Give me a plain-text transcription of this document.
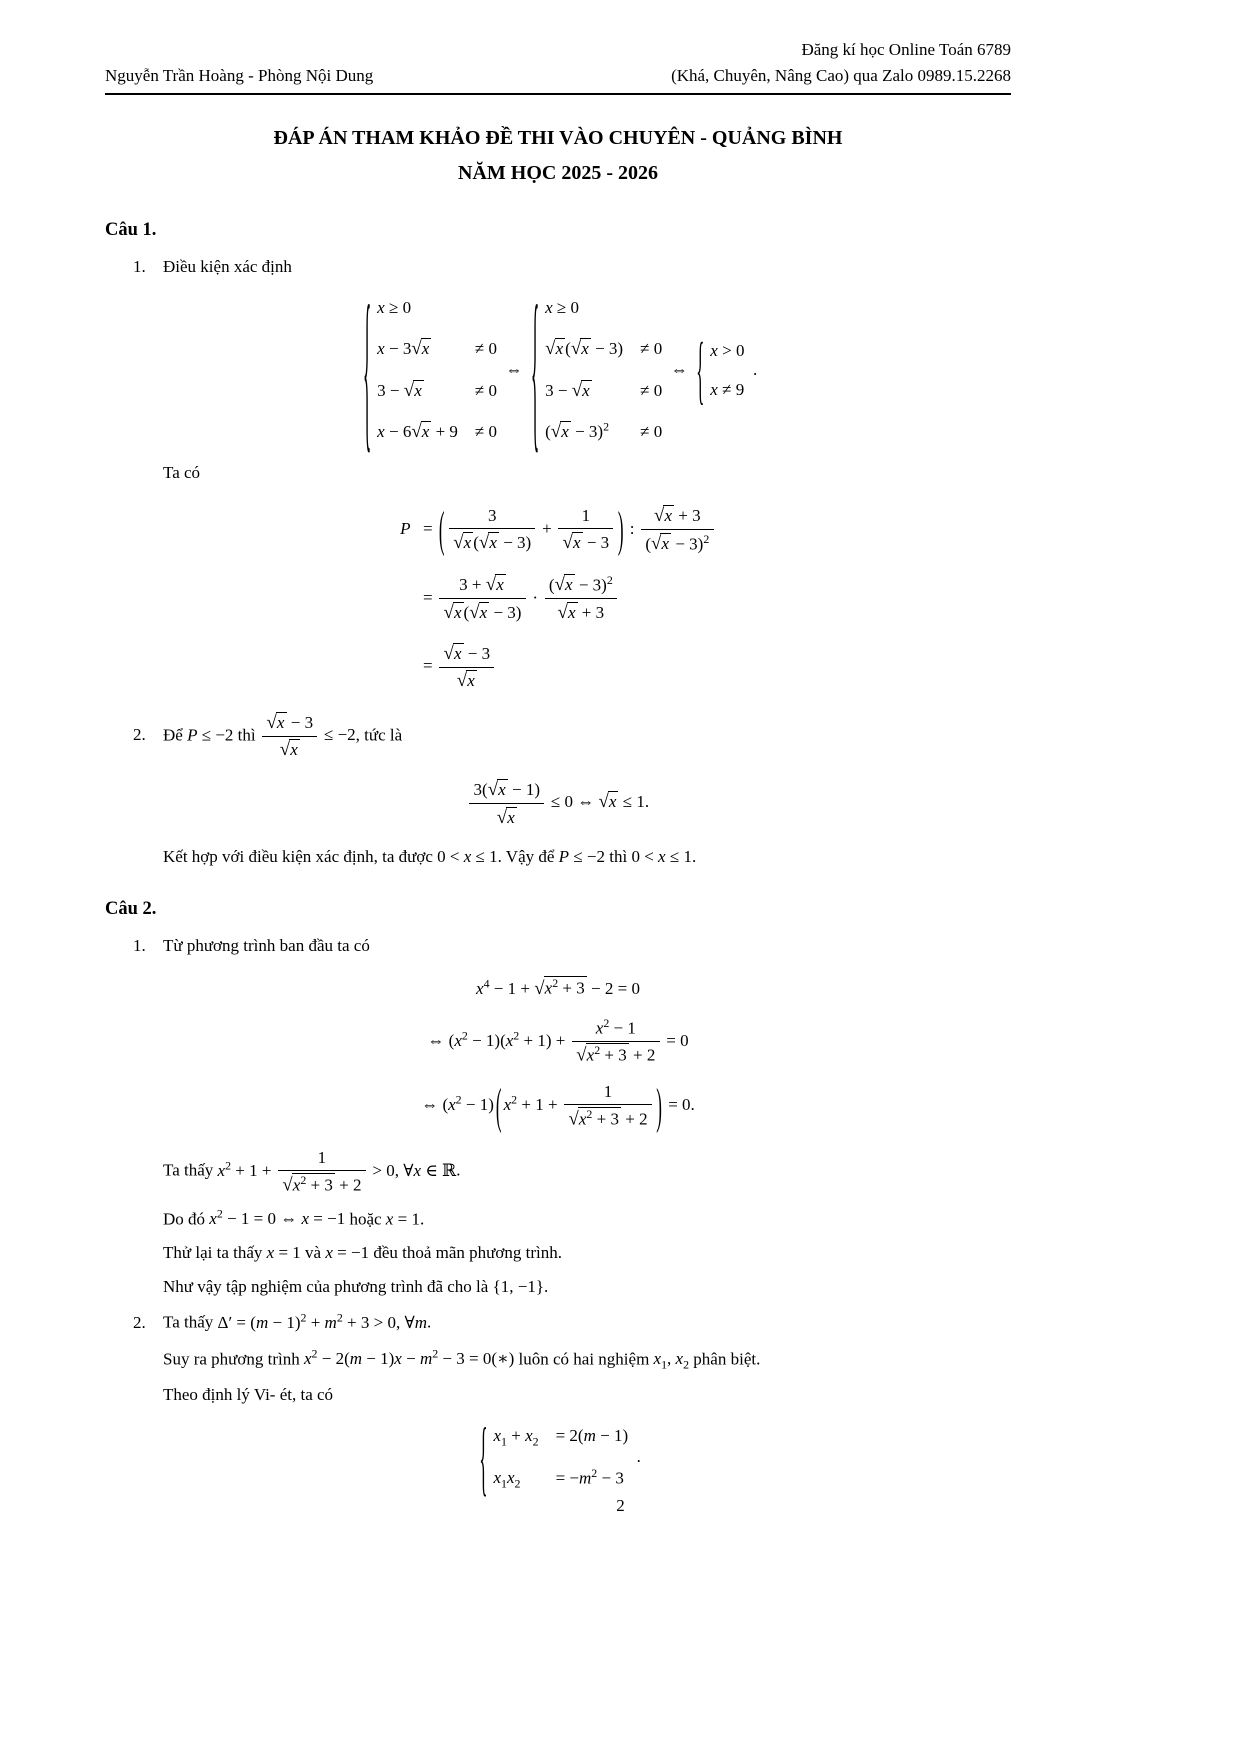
Đăng kí học Online Toán 6789
Nguyễn Trần Hoàng - Phòng Nội Dung	(Khá, Chuyên, Nâng Cao) qua Zalo 0989.15.2268
ĐÁP ÁN THAM KHẢO ĐỀ THI VÀO CHUYÊN - QUẢNG BÌNH
NĂM HỌC 2025 - 2026
Câu 1.
1.	Điều kiện xác định
{ x ≥ 0
x − 3√x	≠ 0
3 − √x	≠ 0
x − 6√x + 9 ≠ 0
⇔ { x ≥ 0
√x (√x − 3) ≠ 0
3 − √x	≠ 0
$(√x - 3)^2 \ne 0$
⇔ { x > 0
x ≠ 9
.
Ta có
P = ( $\frac{3}{√x (√x - 3)} + \frac{1}{√x - 3}$ ) : $\frac{√x + 3}{(√x - 3)^2}$
= $\frac{3 + √x}{√x (√x - 3)} \cdot \frac{(√x - 3)^2}{√x + 3}$
= $\frac{√x - 3}{√x}$
2.	Để P ≤ −2 thì $\frac{√x - 3}{√x} \le -2$, tức là
$\frac{3(√x - 1)}{√x} \le 0$ ⇔ √x ≤ 1.
Kết hợp với điều kiện xác định, ta được 0 < x ≤ 1. Vậy để P ≤ −2 thì 0 < x ≤ 1.
Câu 2.
1.	Từ phương trình ban đầu ta có
$x^4 - 1 + √x^2 + 3 - 2 = 0$
⇔ $(x^2 - 1)(x^2 + 1) + \frac{x^2 - 1}{√x^2 + 3 + 2} = 0$
⇔ $(x^2 - 1)$ ( $x^2 + 1 + \frac{1}{√x^2 + 3 + 2}$ ) = 0.
Ta thấy $x^2 + 1 + \frac{1}{√x^2 + 3 + 2} > 0$, ∀x ∈ ℝ.
Do đó $x^2 - 1 = 0$ ⇔ x = −1 hoặc x = 1.
Thử lại ta thấy x = 1 và x = −1 đều thoả mãn phương trình.
Như vậy tập nghiệm của phương trình đã cho là {1, −1}.
2.	Ta thấy $\Delta' = (m - 1)^2 + m^2 + 3 > 0$, ∀m.
Suy ra phương trình $x^2 - 2(m - 1)x - m^2 - 3$ = 0(∗) luôn có hai nghiệm $x_1$, $x_2$ phân biệt.
Theo định lý Vi- ét, ta có
{ $x_1 + x_2 = 2(m - 1)$
$x_1x_2 = -m^2 - 3$
.
2
